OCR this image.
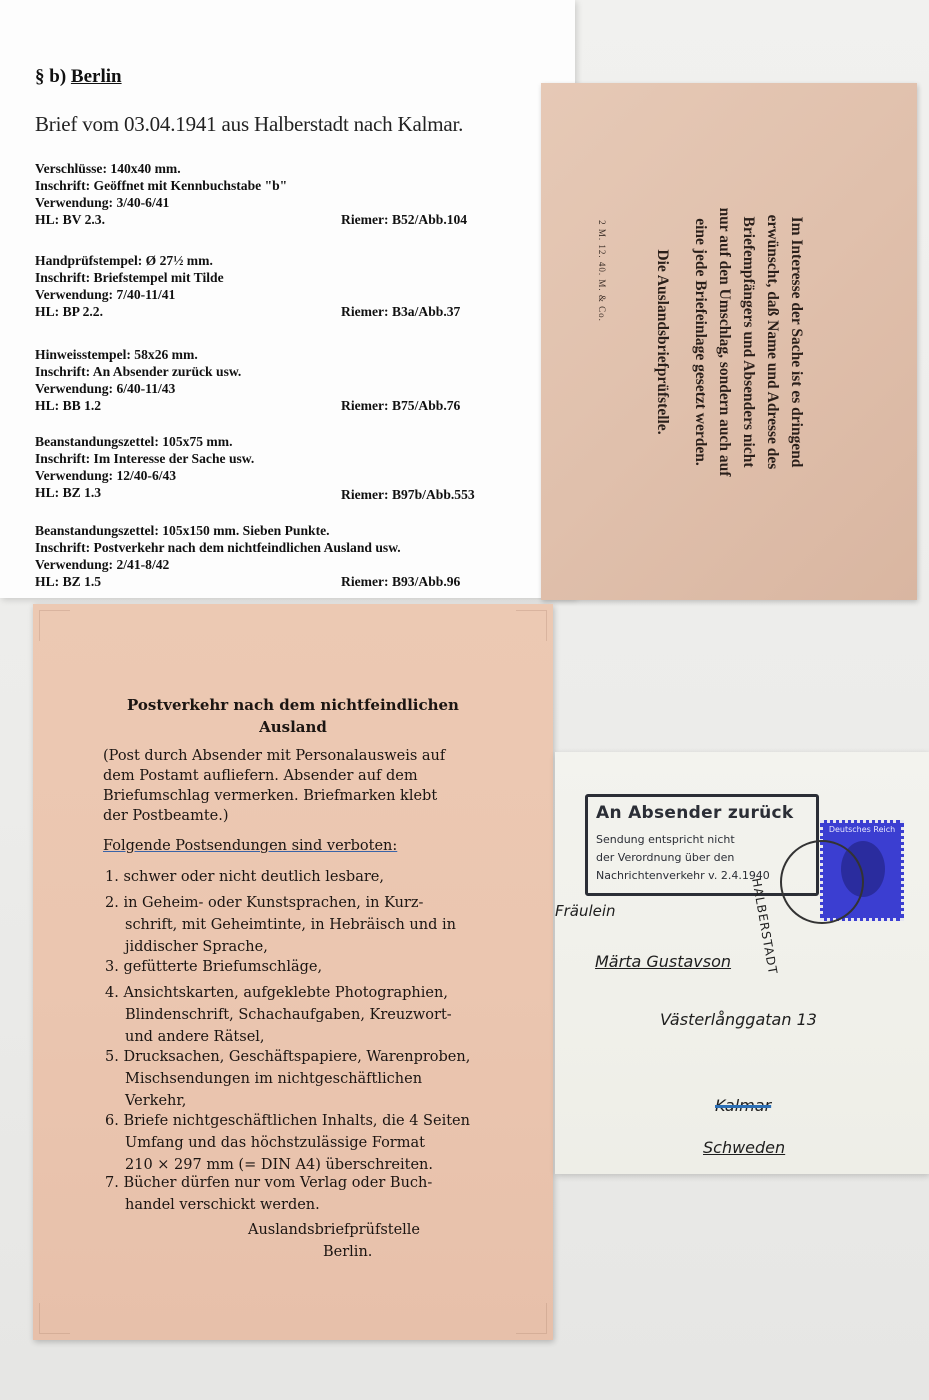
§ b) Berlin
Brief vom 03.04.1941 aus Halberstadt nach Kalmar.
Verschlüsse: 140x40 mm.
Inschrift: Geöffnet mit Kennbuchstabe "b"
Verwendung: 3/40-6/41
HL: BV 2.3.	Riemer: B52/Abb.104
Handprüfstempel: Ø 27½ mm.
Inschrift: Briefstempel mit Tilde
Verwendung: 7/40-11/41
HL: BP 2.2.	Riemer: B3a/Abb.37
Hinweisstempel: 58x26 mm.
Inschrift: An Absender zurück usw.
Verwendung: 6/40-11/43
HL: BB 1.2	Riemer: B75/Abb.76
Beanstandungszettel: 105x75 mm.
Inschrift: Im Interesse der Sache usw.
Verwendung: 12/40-6/43
HL: BZ 1.3	Riemer: B97b/Abb.553
Beanstandungszettel: 105x150 mm. Sieben Punkte.
Inschrift: Postverkehr nach dem nichtfeindlichen Ausland usw.
Verwendung: 2/41-8/42
HL: BZ 1.5	Riemer: B93/Abb.96
Im Interesse der Sache ist es dringend
erwünscht, daß Name und Adresse des
Briefempfängers und Absenders nicht
nur auf den Umschlag, sondern auch auf
eine jede Briefeinlage gesetzt werden.
Die Auslandsbriefprüfstelle.
2 M. 12. 40. M. & Co.
Postverkehr nach dem nichtfeindlichen
Ausland
(Post durch Absender mit Personalausweis auf
dem Postamt aufliefern. Absender auf dem
Briefumschlag vermerken. Briefmarken klebt
der Postbeamte.)
Folgende Postsendungen sind verboten:
1. schwer oder nicht deutlich lesbare,
2. in Geheim- oder Kunstsprachen, in Kurz-
schrift, mit Geheimtinte, in Hebräisch und in
jiddischer Sprache,
3. gefütterte Briefumschläge,
4. Ansichtskarten, aufgeklebte Photographien,
Blindenschrift, Schachaufgaben, Kreuzwort-
und andere Rätsel,
5. Drucksachen, Geschäftspapiere, Warenproben,
Mischsendungen im nichtgeschäftlichen
Verkehr,
6. Briefe nichtgeschäftlichen Inhalts, die 4 Seiten
Umfang und das höchstzulässige Format
210 × 297 mm (= DIN A4) überschreiten.
7. Bücher dürfen nur vom Verlag oder Buch-
handel verschickt werden.
Auslandsbriefprüfstelle
Berlin.
An Absender zurück
Sendung entspricht nicht
der Verordnung über den
Nachrichtenverkehr v. 2.4.1940
Deutsches Reich
HALBERSTADT
Fräulein
Märta Gustavson
Västerlånggatan 13
Kalmar
Schweden
